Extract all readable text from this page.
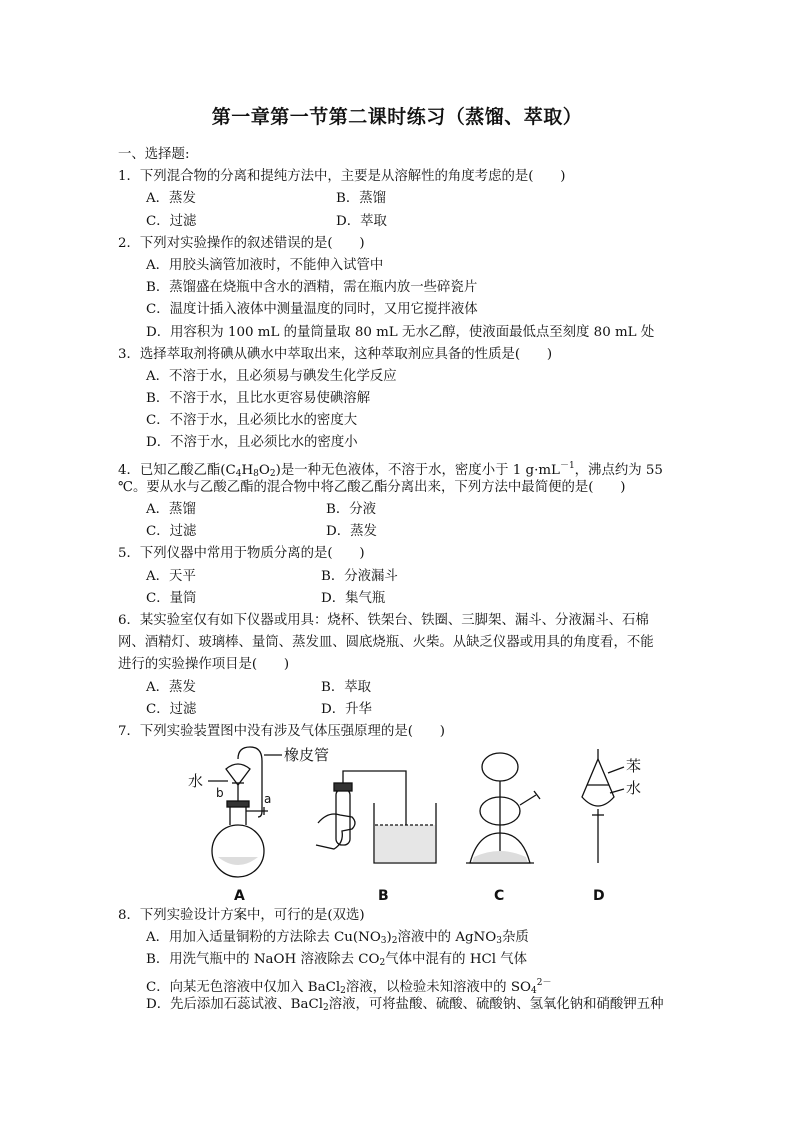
第一章第一节第二课时练习（蒸馏、萃取）
一、选择题:
1．下列混合物的分离和提纯方法中，主要是从溶解性的角度考虑的是(　　)
A．蒸发	B．蒸馏
C．过滤	D．萃取
2．下列对实验操作的叙述错误的是(　　)
A．用胶头滴管加液时，不能伸入试管中
B．蒸馏盛在烧瓶中含水的酒精，需在瓶内放一些碎瓷片
C．温度计插入液体中测量温度的同时，又用它搅拌液体
D．用容积为 100 mL 的量筒量取 80 mL 无水乙醇，使液面最低点至刻度 80 mL 处
3．选择萃取剂将碘从碘水中萃取出来，这种萃取剂应具备的性质是(　　)
A．不溶于水，且必须易与碘发生化学反应
B．不溶于水，且比水更容易使碘溶解
C．不溶于水，且必须比水的密度大
D．不溶于水，且必须比水的密度小
4．已知乙酸乙酯(C4H8O2)是一种无色液体，不溶于水，密度小于 1 $g\cdot mL^{-1}$，沸点约为 55
℃。要从水与乙酸乙酯的混合物中将乙酸乙酯分离出来，下列方法中最简便的是(　　)
A．蒸馏	B．分液
C．过滤	D．蒸发
5．下列仪器中常用于物质分离的是(　　)
A．天平	B．分液漏斗
C．量筒	D．集气瓶
6．某实验室仅有如下仪器或用具：烧杯、铁架台、铁圈、三脚架、漏斗、分液漏斗、石棉
网、酒精灯、玻璃棒、量筒、蒸发皿、圆底烧瓶、火柴。从缺乏仪器或用具的角度看，不能
进行的实验操作项目是(　　)
A．蒸发	B．萃取
C．过滤	D．升华
7．下列实验装置图中没有涉及气体压强原理的是(　　)
橡皮管
水
b	a
A	B	C
苯
水
D
8．下列实验设计方案中，可行的是(双选)
A．用加入适量铜粉的方法除去 Cu(NO3)2溶液中的 AgNO3杂质
B．用洗气瓶中的 NaOH 溶液除去 CO2气体中混有的 HCl 气体
C．向某无色溶液中仅加入 BaCl2溶液，以检验未知溶液中的 $SO4^{2-}$
D．先后添加石蕊试液、BaCl2溶液，可将盐酸、硫酸、硫酸钠、氢氧化钠和硝酸钾五种
